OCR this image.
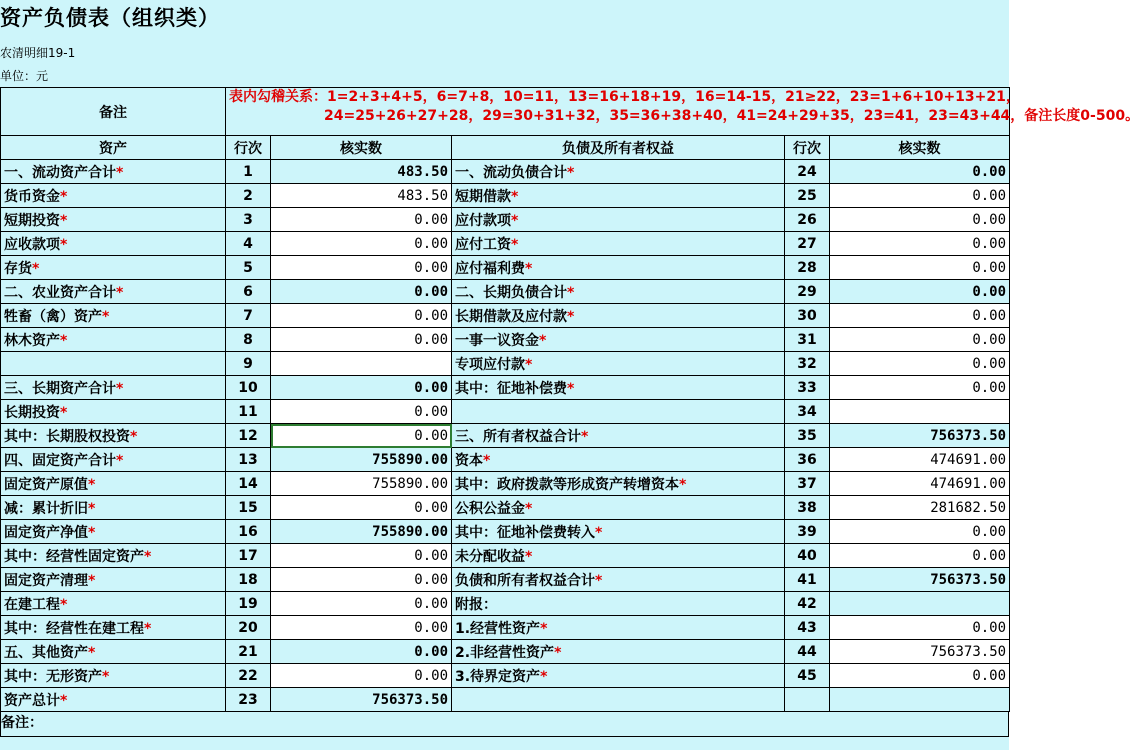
资产负债表（组织类）
农清明细19-1
单位：元
备注	表内勾稽关系：1=2+3+4+5，6=7+8，10=11，13=16+18+19，16=14-15，21≥22，23=1+6+10+13+21，
24=25+26+27+28，29=30+31+32，35=36+38+40，41=24+29+35，23=41，23=43+44，备注长度0-500。				

资产	行次	核实数	负债及所有者权益	行次	核实数
一、流动资产合计*	1	483.50	一、流动负债合计*	24	0.00
货币资金*	2	483.50	短期借款*	25	0.00
短期投资*	3	0.00	应付款项*	26	0.00
应收款项*	4	0.00	应付工资*	27	0.00
存货*	5	0.00	应付福利费*	28	0.00
二、农业资产合计*	6	0.00	二、长期负债合计*	29	0.00
牲畜（禽）资产*	7	0.00	长期借款及应付款*	30	0.00
林木资产*	8	0.00	一事一议资金*	31	0.00
	9		专项应付款*	32	0.00
三、长期资产合计*	10	0.00	其中：征地补偿费*	33	0.00
长期投资*	11	0.00		34	
其中：长期股权投资*	12	0.00	三、所有者权益合计*	35	756373.50
四、固定资产合计*	13	755890.00	资本*	36	474691.00
固定资产原值*	14	755890.00	其中：政府拨款等形成资产转增资本*	37	474691.00
减：累计折旧*	15	0.00	公积公益金*	38	281682.50
固定资产净值*	16	755890.00	其中：征地补偿费转入*	39	0.00
其中：经营性固定资产*	17	0.00	未分配收益*	40	0.00
固定资产清理*	18	0.00	负债和所有者权益合计*	41	756373.50
在建工程*	19	0.00	附报：	42	
其中：经营性在建工程*	20	0.00	1.经营性资产*	43	0.00
五、其他资产*	21	0.00	2.非经营性资产*	44	756373.50
其中：无形资产*	22	0.00	3.待界定资产*	45	0.00
资产总计*	23	756373.50			
备注：
